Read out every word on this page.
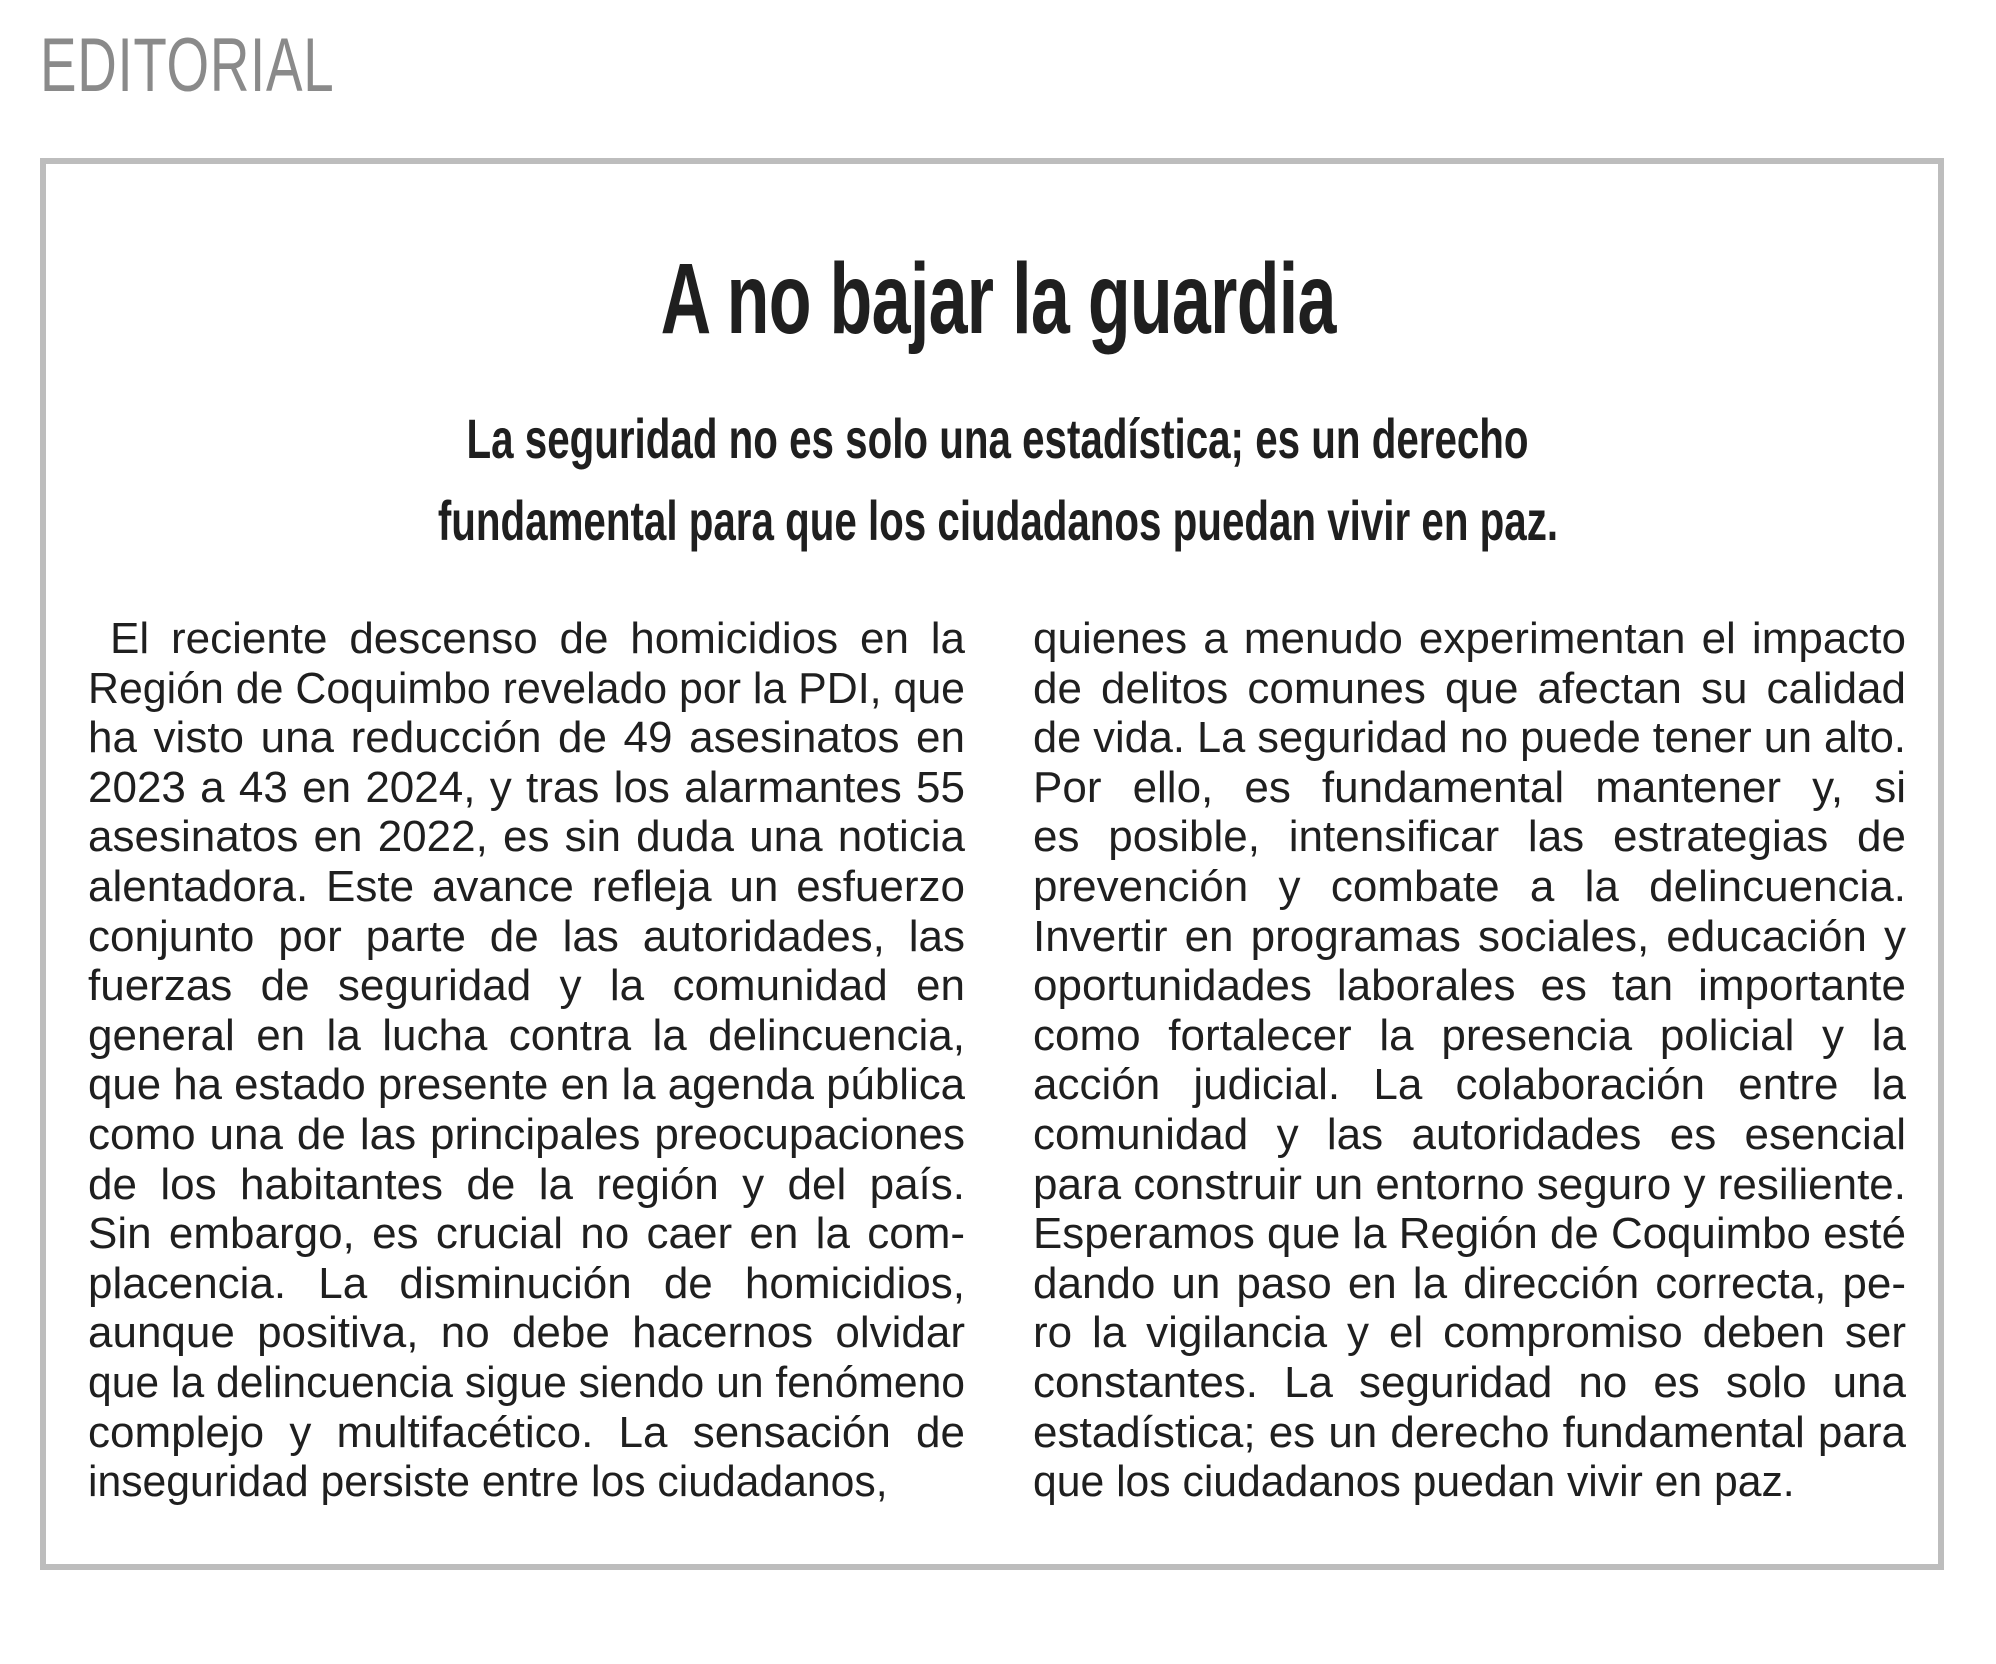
EDITORIAL
A no bajar la guardia
La seguridad no es solo una estadística; es un derecho
fundamental para que los ciudadanos puedan vivir en paz.
El reciente descenso de homicidios en la
Región de Coquimbo revelado por la PDI, que
ha visto una reducción de 49 asesinatos en
2023 a 43 en 2024, y tras los alarmantes 55
asesinatos en 2022, es sin duda una noticia
alentadora. Este avance refleja un esfuerzo
conjunto por parte de las autoridades, las
fuerzas de seguridad y la comunidad en
general en la lucha contra la delincuencia,
que ha estado presente en la agenda pública
como una de las principales preocupaciones
de los habitantes de la región y del país.
Sin embargo, es crucial no caer en la com-
placencia. La disminución de homicidios,
aunque positiva, no debe hacernos olvidar
que la delincuencia sigue siendo un fenómeno
complejo y multifacético. La sensación de
inseguridad persiste entre los ciudadanos,
quienes a menudo experimentan el impacto
de delitos comunes que afectan su calidad
de vida. La seguridad no puede tener un alto.
Por ello, es fundamental mantener y, si
es posible, intensificar las estrategias de
prevención y combate a la delincuencia.
Invertir en programas sociales, educación y
oportunidades laborales es tan importante
como fortalecer la presencia policial y la
acción judicial. La colaboración entre la
comunidad y las autoridades es esencial
para construir un entorno seguro y resiliente.
Esperamos que la Región de Coquimbo esté
dando un paso en la dirección correcta, pe-
ro la vigilancia y el compromiso deben ser
constantes. La seguridad no es solo una
estadística; es un derecho fundamental para
que los ciudadanos puedan vivir en paz.
